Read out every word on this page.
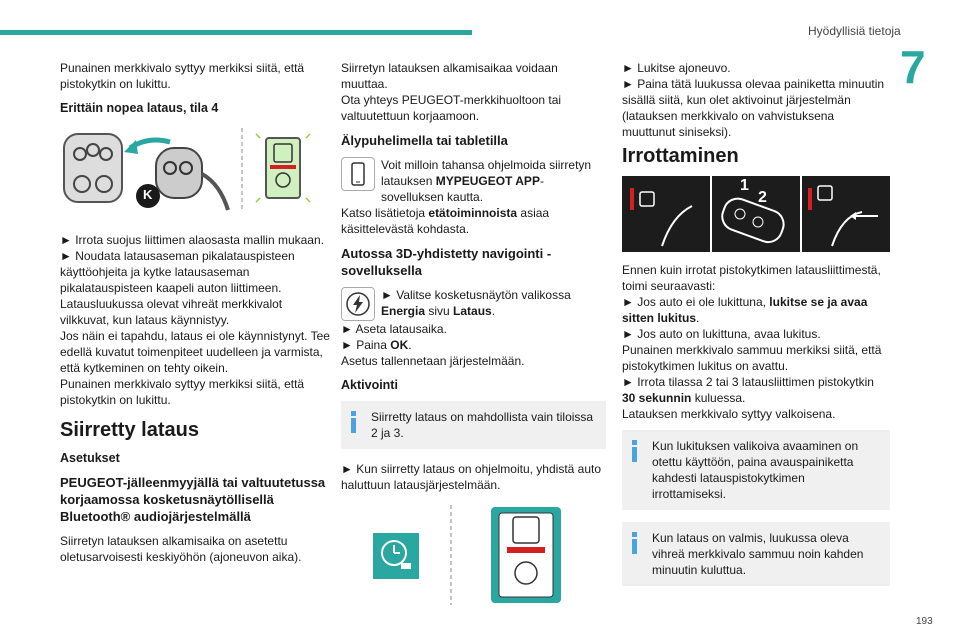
Hyödyllisiä tietoja
7

Punainen merkkivalo syttyy merkiksi siitä, että pistokytkin on lukittu.

Erittäin nopea lataus, tila 4
K

► Irrota suojus liittimen alaosasta mallin mukaan.
► Noudata latausaseman pikalatauspisteen käyttöohjeita ja kytke latausaseman pikalatauspisteen kaapeli auton liittimeen.
Latausluukussa olevat vihreät merkkivalot vilkkuvat, kun lataus käynnistyy.
Jos näin ei tapahdu, lataus ei ole käynnistynyt. Tee edellä kuvatut toimenpiteet uudelleen ja varmista, että kytkeminen on tehty oikein.
Punainen merkkivalo syttyy merkiksi siitä, että pistokytkin on lukittu.

Siirretty lataus
Asetukset
PEUGEOT-jälleenmyyjällä tai valtuutetussa korjaamossa kosketusnäytöllisellä Bluetooth® audiojärjestelmällä

Siirretyn latauksen alkamisaika on asetettu oletusarvoisesti keskiyöhön (ajoneuvon aika).

Siirretyn latauksen alkamisaikaa voidaan muuttaa.
Ota yhteys PEUGEOT-merkkihuoltoon tai valtuutettuun korjaamoon.

Älypuhelimella tai tabletilla

Voit milloin tahansa ohjelmoida siirretyn latauksen MYPEUGEOT APP-sovelluksen kautta.

Katso lisätietoja etätoiminnoista asiaa käsittelevästä kohdasta.

Autossa 3D-yhdistetty navigointi -sovelluksella

► Valitse kosketusnäytön valikossa Energia sivu Lataus.

► Aseta latausaika.
► Paina OK.
Asetus tallennetaan järjestelmään.

Aktivointi
Siirretty lataus on mahdollista vain tiloissa 2 ja 3.

► Kun siirretty lataus on ohjelmoitu, yhdistä auto haluttuun latausjärjestelmään.

► Lukitse ajoneuvo.
► Paina tätä luukussa olevaa painiketta minuutin sisällä siitä, kun olet aktivoinut järjestelmän (latauksen merkkivalo on vahvistuksena muuttunut siniseksi).

Irrottaminen
1
2

Ennen kuin irrotat pistokytkimen latausliittimestä, toimi seuraavasti:
► Jos auto ei ole lukittuna, lukitse se ja avaa sitten lukitus.
► Jos auto on lukittuna, avaa lukitus.
Punainen merkkivalo sammuu merkiksi siitä, että pistokytkimen lukitus on avattu.
► Irrota tilassa 2 tai 3 latausliittimen pistokytkin 30 sekunnin kuluessa.
Latauksen merkkivalo syttyy valkoisena.

Kun lukituksen valikoiva avaaminen on otettu käyttöön, paina avauspainiketta kahdesti latauspistokytkimen irrottamiseksi.
Kun lataus on valmis, luukussa oleva vihreä merkkivalo sammuu noin kahden minuutin kuluttua.
193
